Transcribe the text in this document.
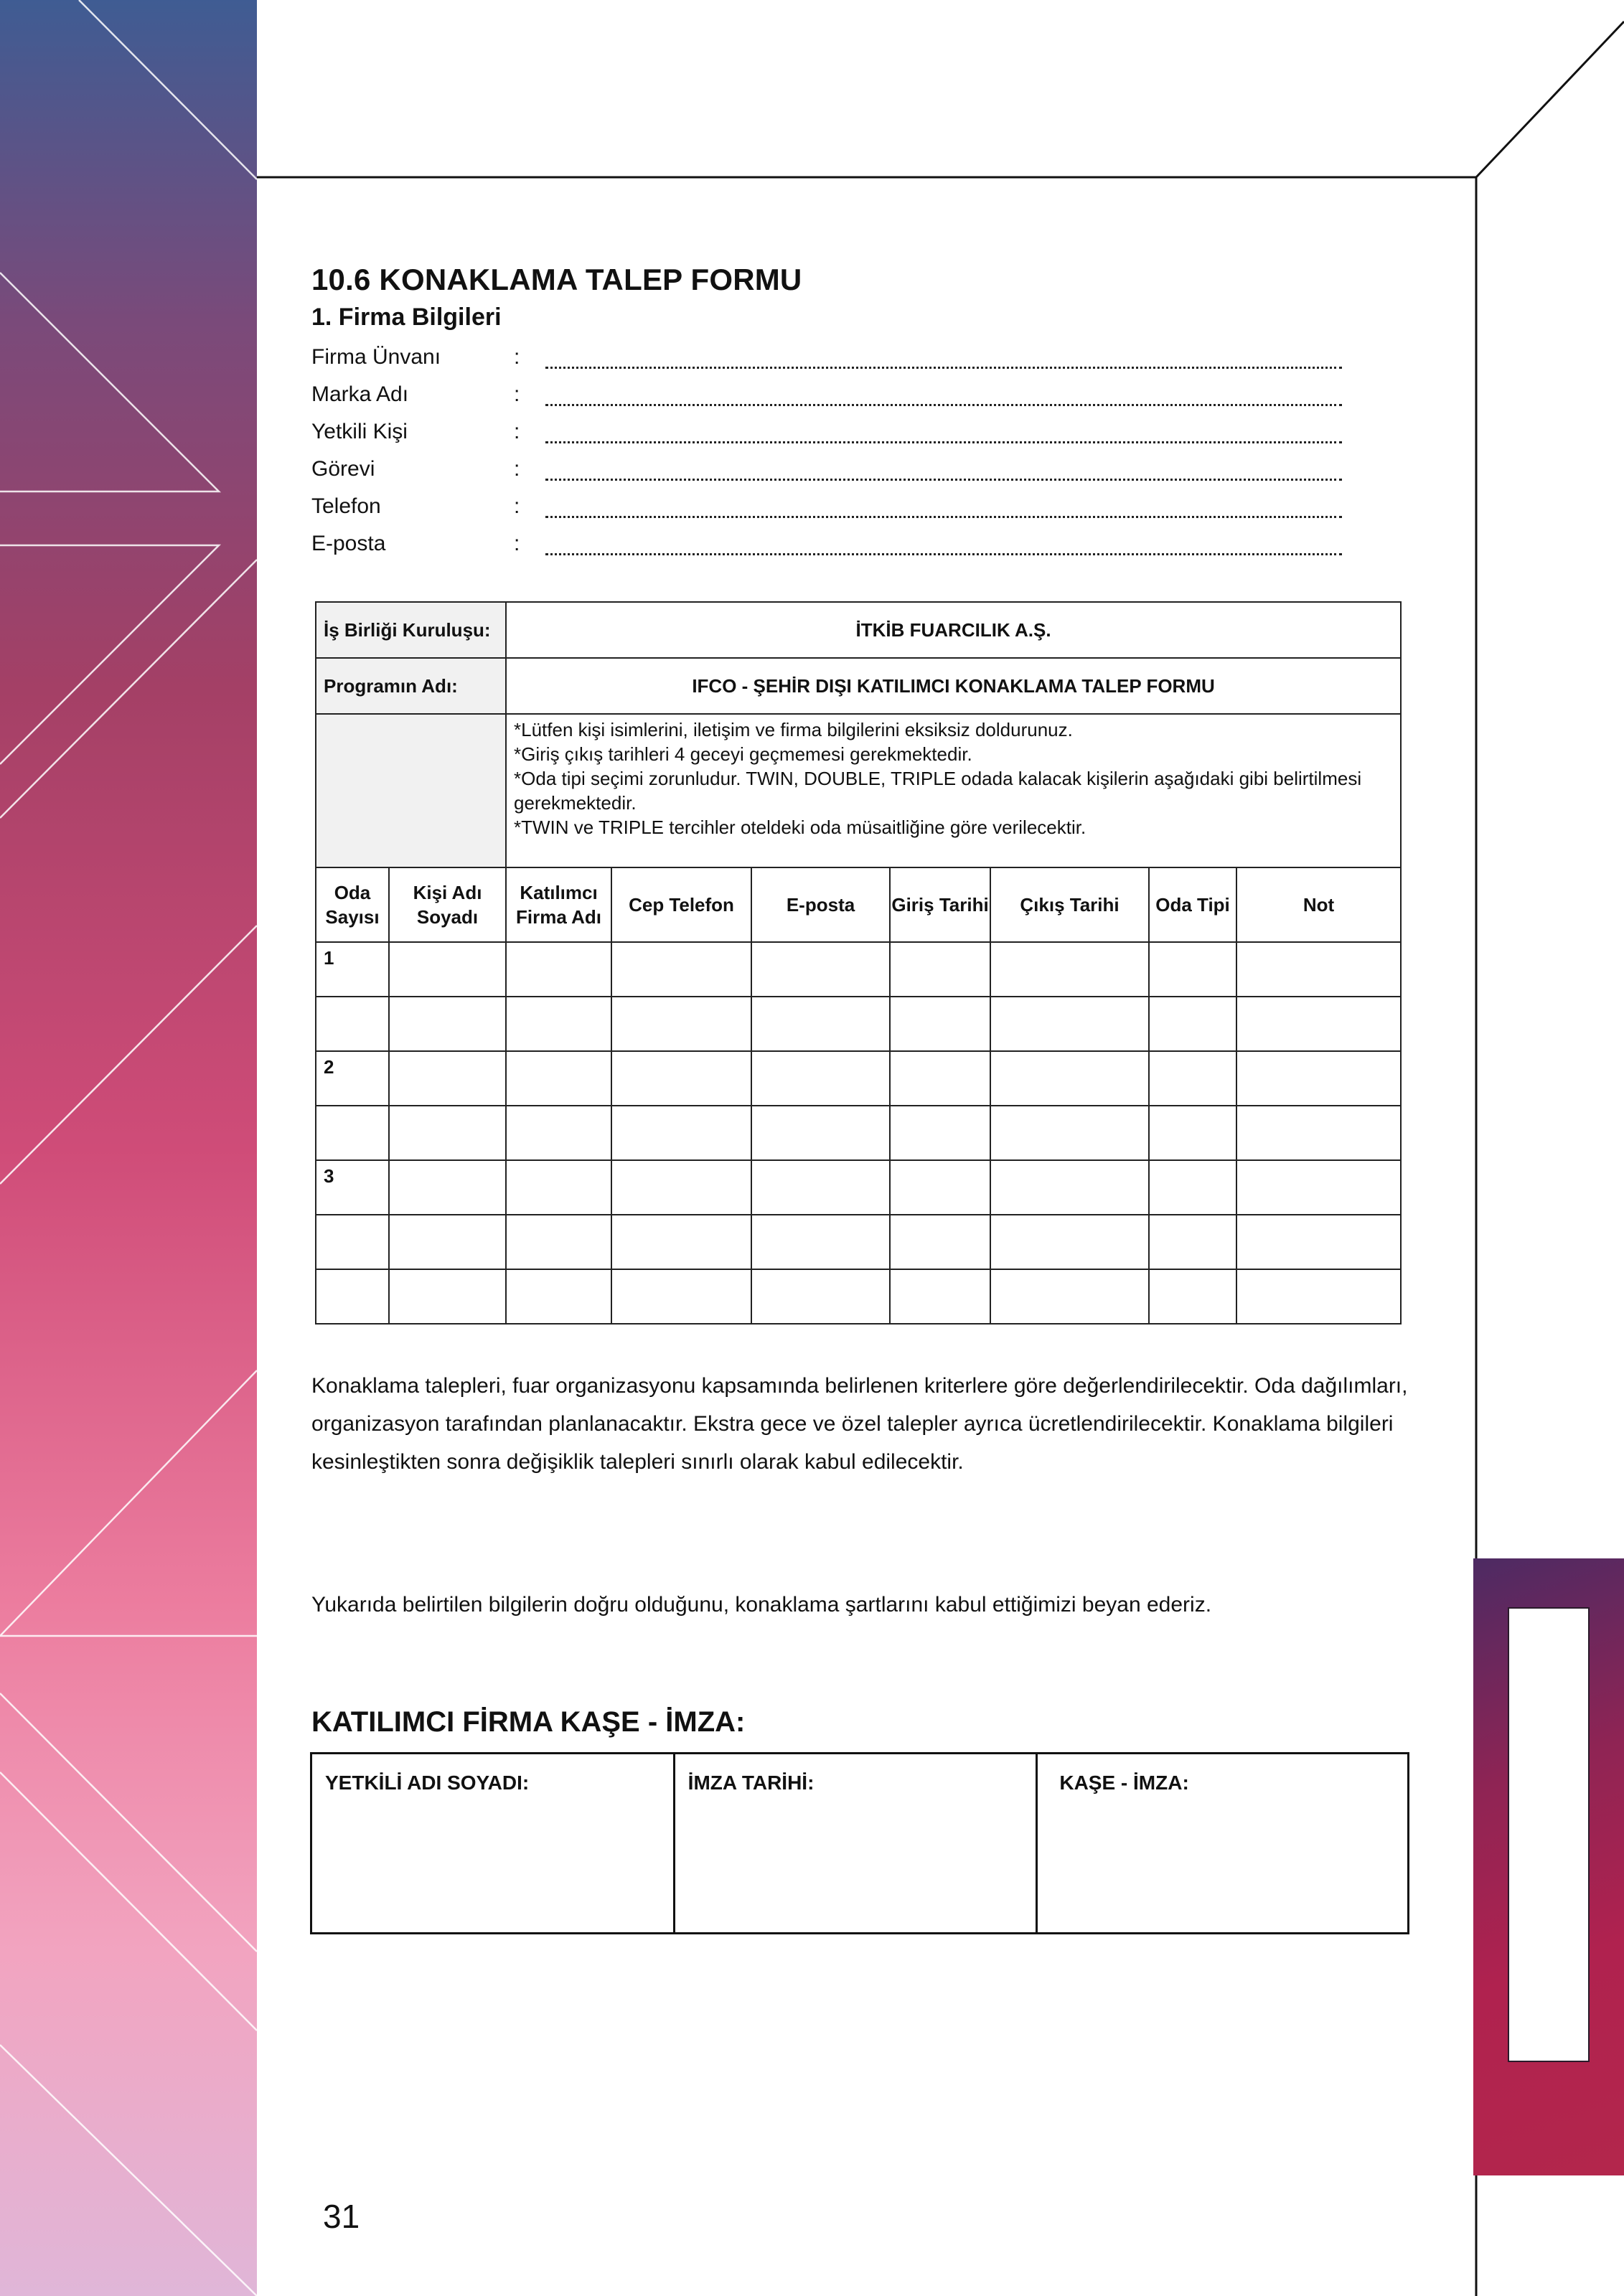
10.6 KONAKLAMA TALEP FORMU
1. Firma Bilgileri
Firma Ünvanı	:
Marka Adı	:
Yetkili Kişi	:
Görevi	:
Telefon	:
E-posta	:
İş Birliği Kuruluşu:		İTKİB FUARCILIK A.Ş.						
Programın Adı:		IFCO - ŞEHİR DIŞI KATILIMCI KONAKLAMA TALEP FORMU						

		*Lütfen kişi isimlerini, iletişim ve firma bilgilerini eksiksiz doldurunuz.
*Giriş çıkış tarihleri 4 geceyi geçmemesi gerekmektedir.
*Oda tipi seçimi zorunludur. TWIN, DOUBLE, TRIPLE odada kalacak kişilerin aşağıdaki gibi belirtilmesi gerekmektedir.
*TWIN ve TRIPLE tercihler oteldeki oda müsaitliğine göre verilecektir.						

Oda Sayısı	Kişi Adı Soyadı	Katılımcı Firma Adı	Cep Telefon	E-posta	Giriş Tarihi	Çıkış Tarihi	Oda Tipi	Not
1								

2								

3								

Konaklama talepleri, fuar organizasyonu kapsamında belirlenen kriterlere göre değerlendirilecektir. Oda dağılımları, organizasyon tarafından planlanacaktır. Ekstra gece ve özel talepler ayrıca ücretlendirilecektir. Konaklama bilgileri kesinleştikten sonra değişiklik talepleri sınırlı olarak kabul edilecektir.
Yukarıda belirtilen bilgilerin doğru olduğunu, konaklama şartlarını kabul ettiğimizi beyan ederiz.
KATILIMCI FİRMA KAŞE - İMZA:
YETKİLİ ADI SOYADI:	İMZA TARİHİ:	KAŞE - İMZA:
31
